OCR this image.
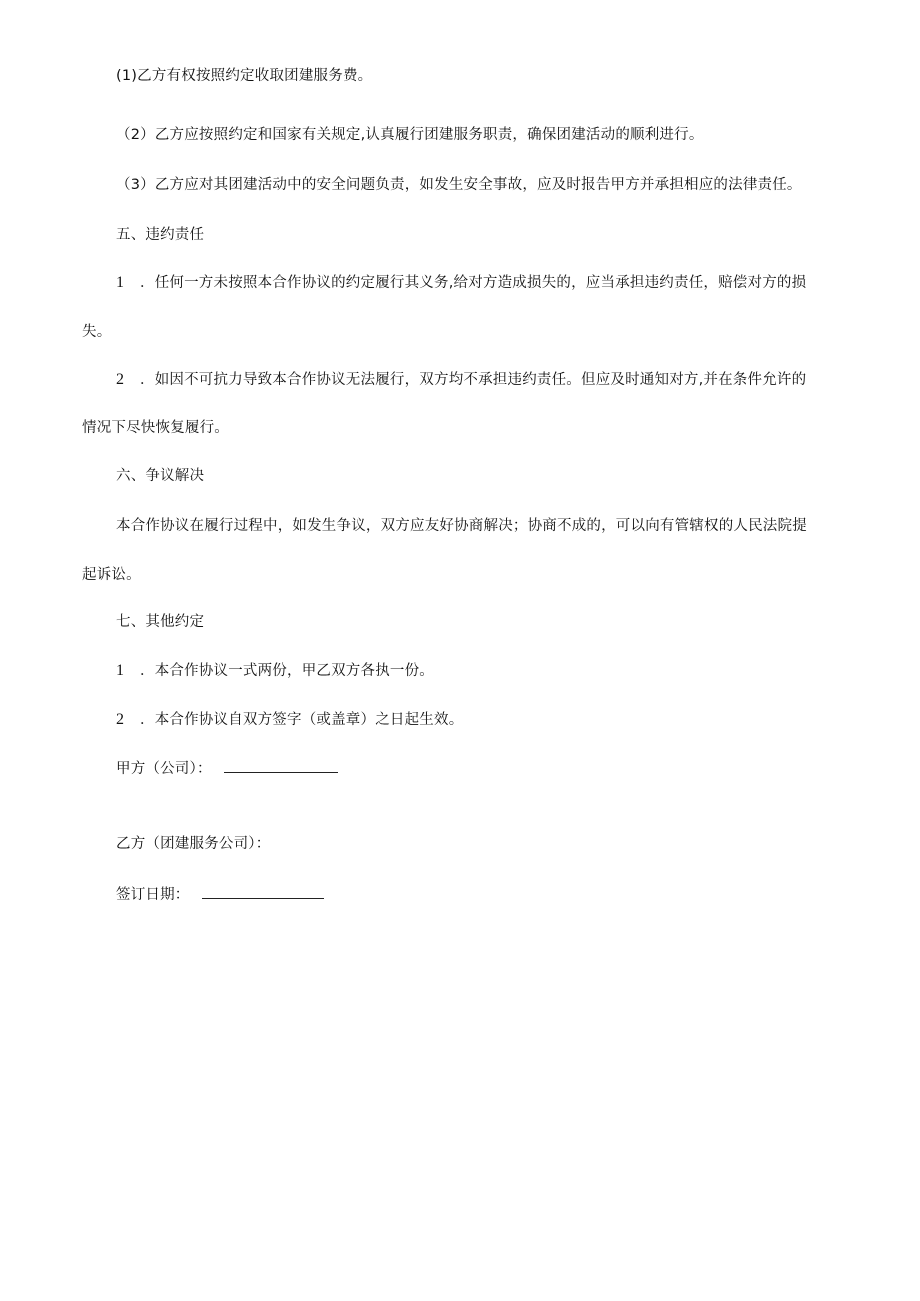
(1)乙方有权按照约定收取团建服务费。
（2）乙方应按照约定和国家有关规定,认真履行团建服务职责，确保团建活动的顺利进行。
（3）乙方应对其团建活动中的安全问题负责，如发生安全事故，应及时报告甲方并承担相应的法律责任。
五、违约责任
1 ．任何一方未按照本合作协议的约定履行其义务,给对方造成损失的，应当承担违约责任，赔偿对方的损
失。
2 ．如因不可抗力导致本合作协议无法履行，双方均不承担违约责任。但应及时通知对方,并在条件允许的
情况下尽快恢复履行。
六、争议解决
本合作协议在履行过程中，如发生争议，双方应友好协商解决；协商不成的，可以向有管辖权的人民法院提
起诉讼。
七、其他约定
1 ．本合作协议一式两份，甲乙双方各执一份。
2 ．本合作协议自双方签字（或盖章）之日起生效。
甲方（公司）：
乙方（团建服务公司）：
签订日期：
